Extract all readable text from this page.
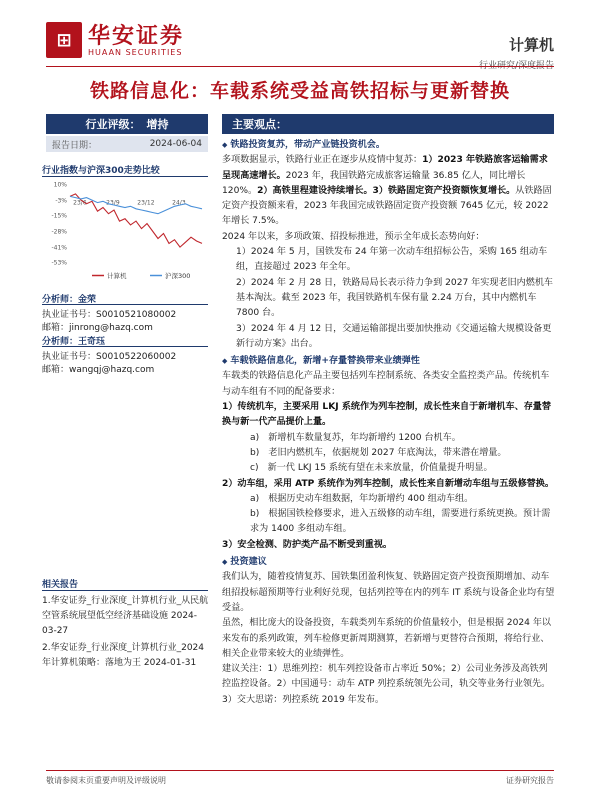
⊞ 华安证券
HUAAN SECURITIES	计算机
行业研究/深度报告
铁路信息化：车载系统受益高铁招标与更新替换
行业评级： 增持
报告日期：	2024-06-04
行业指数与沪深300走势比较
10%
-3%
-15%
-28%
-41%
-53%
23/6	23/9	23/12	24/3
计算机	沪深300
分析师：金荣
执业证书号：S0010521080002
邮箱：jinrong@hazq.com
分析师：王奇珏
执业证书号：S0010522060002
邮箱：wangqj@hazq.com
相关报告
1.华安证券_行业深度_计算机行业_从民航空管系统展望低空经济基础设施 2024-03-27
2.华安证券_行业深度_计算机行业_2024 年计算机策略：落地为王 2024-01-31
主要观点：

◆ 铁路投资复苏，带动产业链投资机会。

多项数据显示，铁路行业正在逐步从疫情中复苏：1）2023 年铁路旅客运输需求呈现高速增长。2023 年，我国铁路完成旅客运输量 36.85 亿人，同比增长 120%。2）高铁里程建设持续增长。3）铁路固定资产投资额恢复增长。从铁路固定资产投资额来看，2023 年我国完成铁路固定资产投资额 7645 亿元，较 2022 年增长 7.5%。

2024 年以来，多项政策、招投标推进，预示全年成长态势向好：

1）2024 年 5 月，国铁发布 24 年第一次动车组招标公告，采购 165 组动车组，直接超过 2023 年全年。

2）2024 年 2 月 28 日，铁路局局长表示待力争到 2027 年实现老旧内燃机车基本淘汰。截至 2023 年，我国铁路机车保有量 2.24 万台，其中内燃机车 7800 台。

3）2024 年 4 月 12 日，交通运输部提出要加快推动《交通运输大规模设备更新行动方案》出台。

◆ 车载铁路信息化，新增+存量替换带来业绩弹性

车载类的铁路信息化产品主要包括列车控制系统、各类安全监控类产品。传统机车与动车组有不同的配备要求：

1）传统机车，主要采用 LKJ 系统作为列车控制，成长性来自于新增机车、存量替换与新一代产品提价上量。

a)　新增机车数量复苏，年均新增约 1200 台机车。

b)　老旧内燃机车，依据规划 2027 年底淘汰，带来潜在增量。

c)　新一代 LKJ 15 系统有望在未来放量，价值量提升明显。

2）动车组，采用 ATP 系统作为列车控制，成长性来自新增动车组与五级修替换。

a)　根据历史动车组数据，年均新增约 400 组动车组。

b)　根据国铁检修要求，进入五级修的动车组，需要进行系统更换。预计需求为 1400 多组动车组。

3）安全检测、防护类产品不断受到重视。

◆ 投资建议

我们认为，随着疫情复苏、国铁集团盈利恢复、铁路固定资产投资预期增加、动车组招投标超预期等行业利好兑现，包括列控等在内的列车 IT 系统与设备企业均有望受益。

虽然，相比庞大的设备投资，车载类列车系统的价值量较小，但是根据 2024 年以来发布的系列政策，列车检修更新周期测算，若新增与更替符合预期，将给行业、相关企业带来较大的业绩弹性。

建议关注：1）思维列控：机车列控设备市占率近 50%；2）公司业务涉及高铁列控监控设备。2）中国通号：动车 ATP 列控系统领先公司，轨交等业务行业领先。3）交大思诺：列控系统 2019 年发布。

敬请参阅末页重要声明及评级说明	证券研究报告
